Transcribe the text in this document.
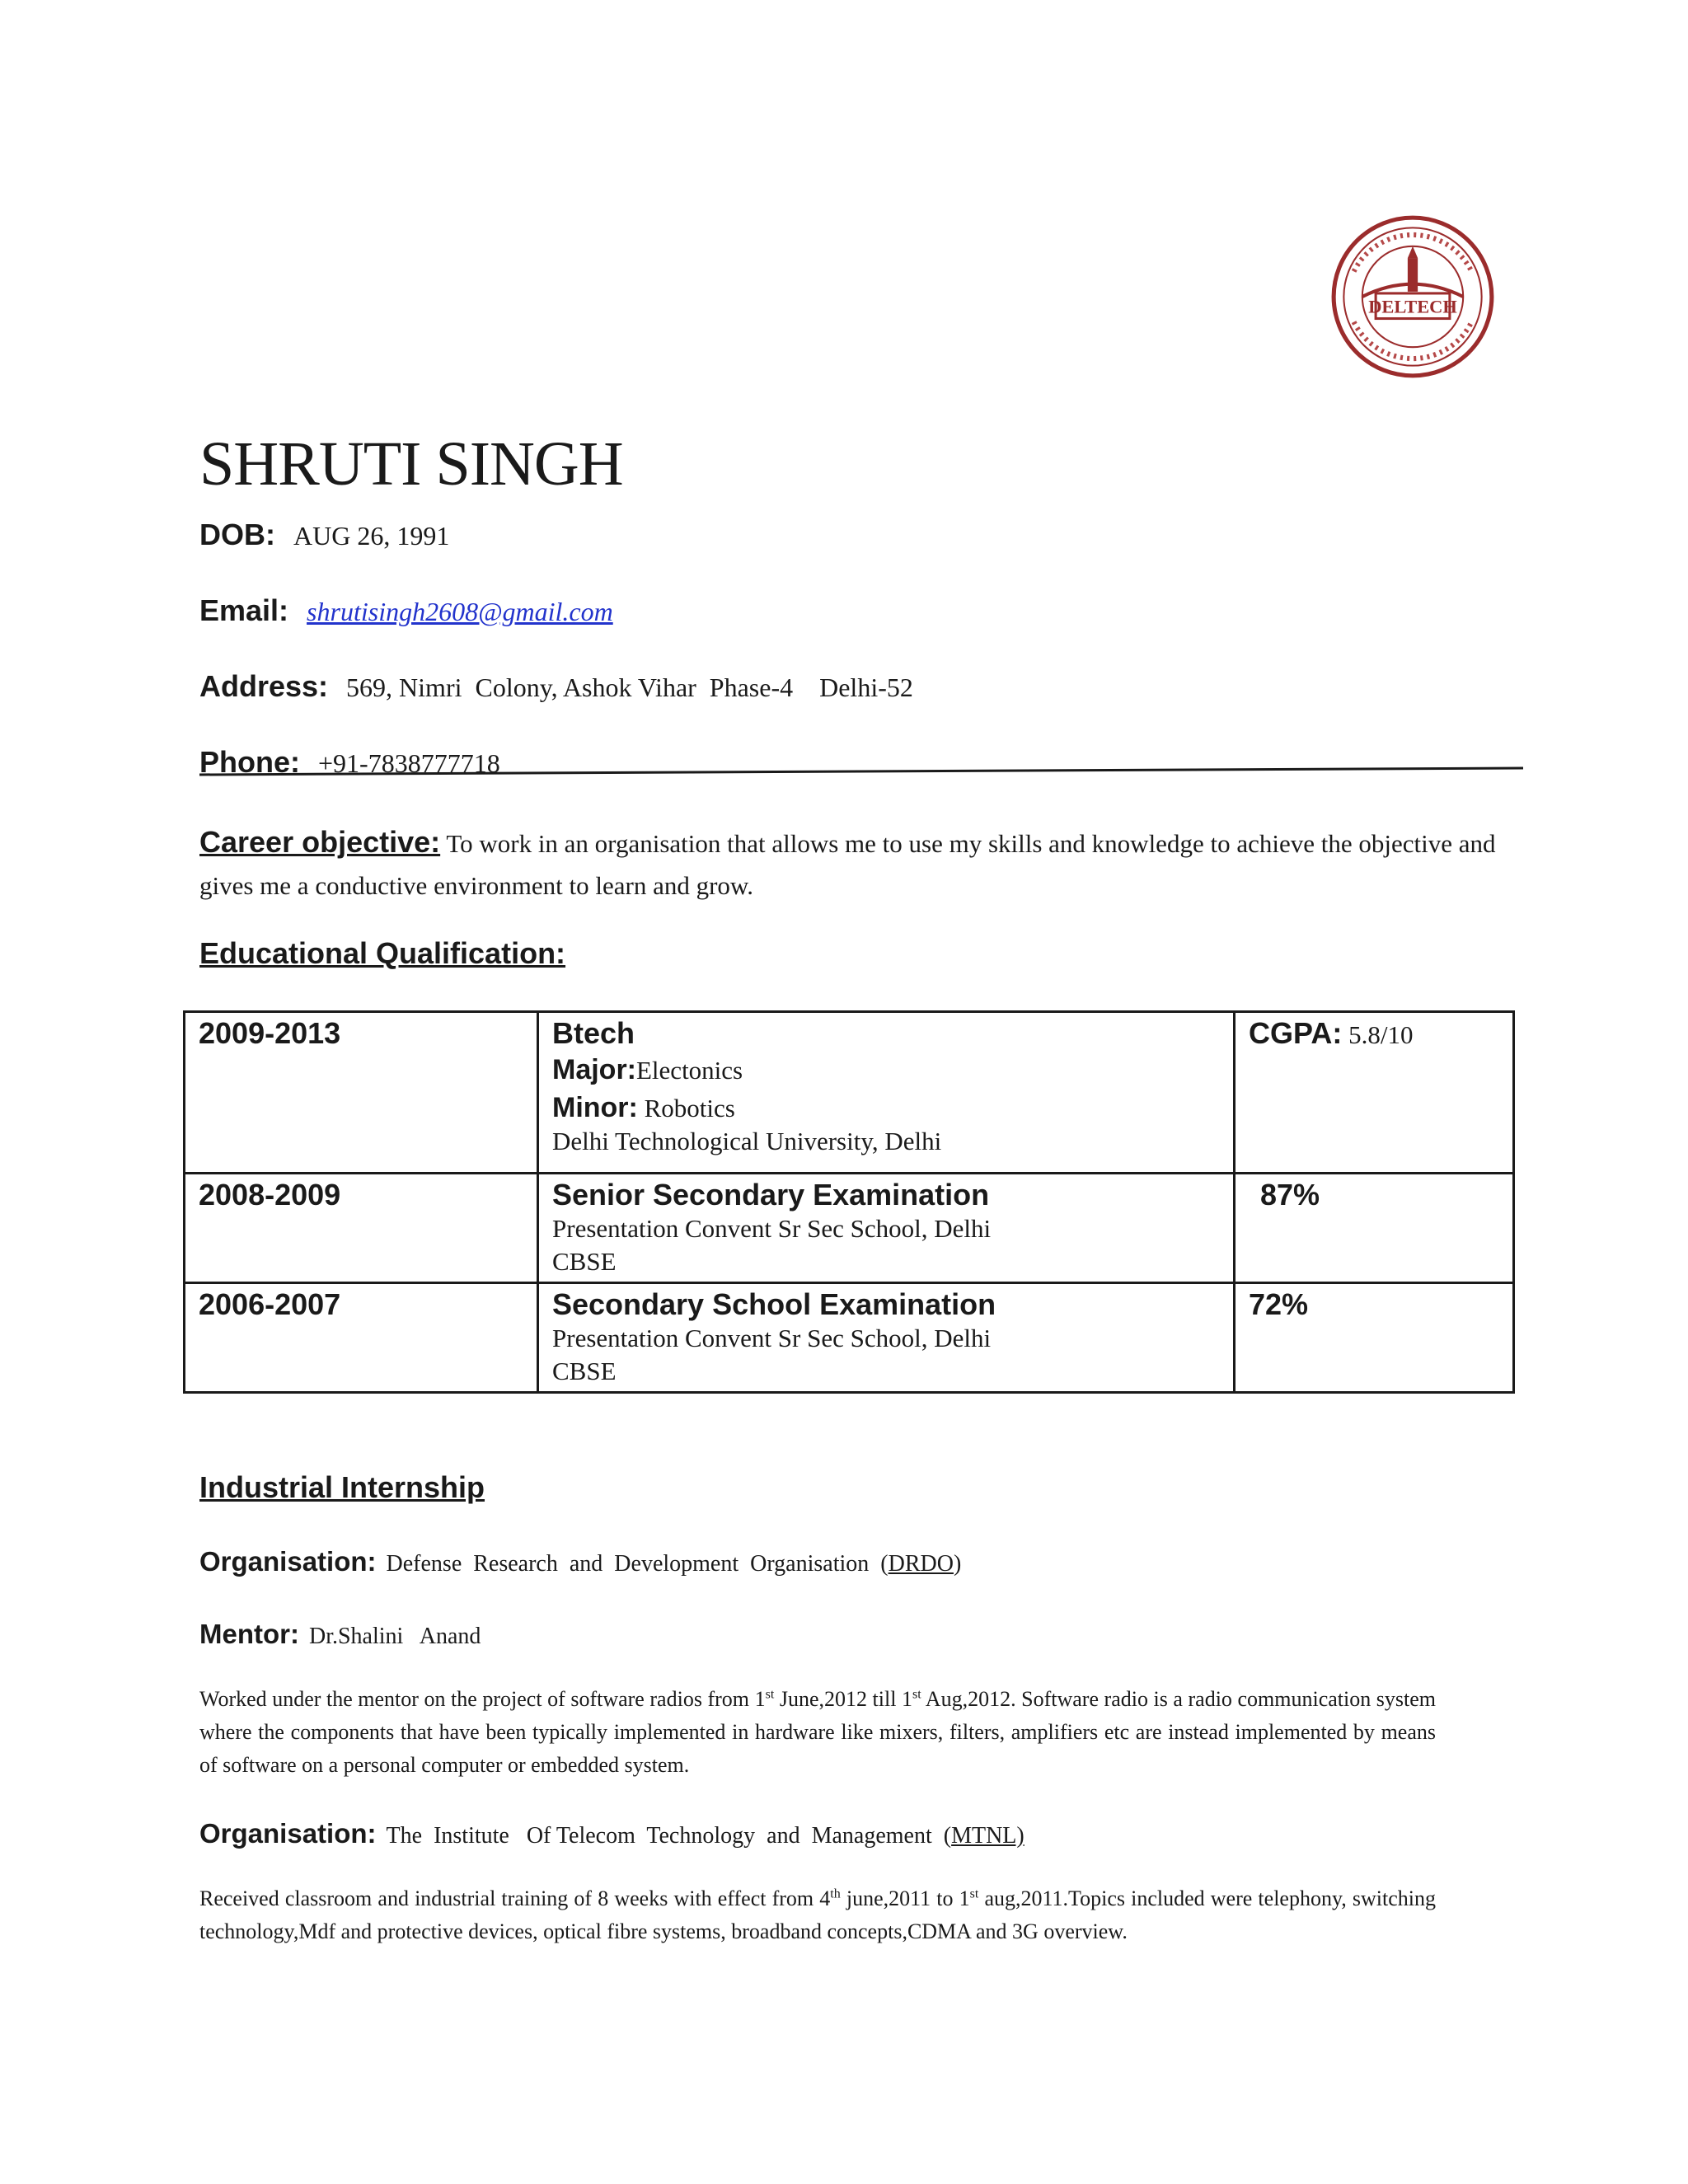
DELTECH
SHRUTI SINGH
DOB: AUG 26, 1991
Email: shrutisingh2608@gmail.com
Address: 569, Nimri  Colony, Ashok Vihar  Phase-4    Delhi-52
Phone: +91-7838777718
Career objective: To work in an organisation that allows me to use my skills and knowledge to achieve the objective and gives me a conductive environment to learn and grow.
Educational Qualification:
2009-2013	Btech
Major:Electonics
Minor: Robotics
Delhi Technological University, Delhi	CGPA: 5.8/10
2008-2009	Senior Secondary Examination
Presentation Convent Sr Sec School, Delhi
CBSE	87%
2006-2007	Secondary School Examination
Presentation Convent Sr Sec School, Delhi
CBSE	72%
Industrial Internship
Organisation: Defense  Research  and  Development  Organisation  (DRDO)
Mentor: Dr.Shalini   Anand
Worked under the mentor on the project of software radios from 1st June,2012 till 1st Aug,2012. Software radio is a radio communication system where the components that have been typically implemented in hardware like mixers, filters, amplifiers etc are instead implemented by means of software on a personal computer or embedded system.
Organisation: The  Institute   Of Telecom  Technology  and  Management  (MTNL)
Received classroom and industrial training of 8 weeks with effect from 4th june,2011 to 1st aug,2011.Topics included were telephony, switching technology,Mdf and protective devices, optical fibre systems, broadband concepts,CDMA and 3G overview.
